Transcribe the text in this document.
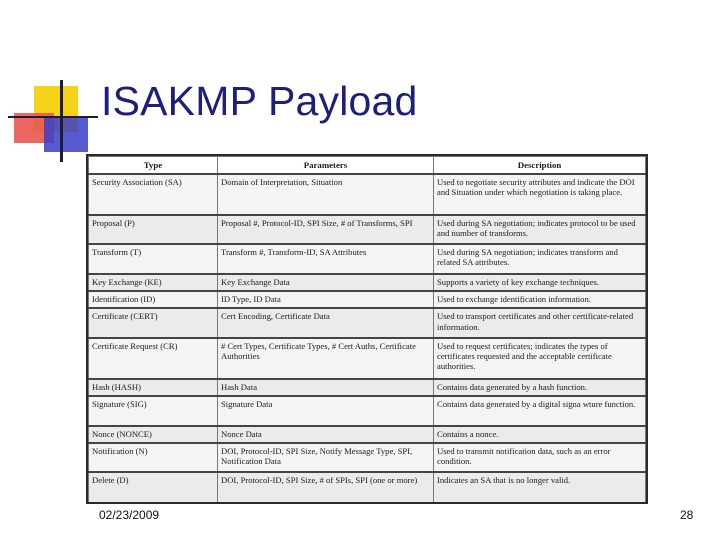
ISAKMP Payload
Type	Parameters	Description
Security Association (SA)	Domain of Interpretation, Situation	Used to negotiate security attributes and indicate the DOI and Situation under which negotiation is taking place.
Proposal (P)	Proposal #, Protocol-ID, SPI Size, # of Transforms, SPI	Used during SA negotiation; indicates protocol to be used and number of transforms.
Transform (T)	Transform #, Transform-ID, SA Attributes	Used during SA negotiation; indicates transform and related SA attributes.
Key Exchange (KE)	Key Exchange Data	Supports a variety of key exchange techniques.
Identification (ID)	ID Type, ID Data	Used to exchange identification information.
Certificate (CERT)	Cert Encoding, Certificate Data	Used to transport certificates and other certificate-related information.
Certificate Request (CR)	# Cert Types, Certificate Types, # Cert Auths, Certificate Authorities	Used to request certificates; indicates the types of certificates requested and the acceptable certificate authorities.
Hash (HASH)	Hash Data	Contains data generated by a hash function.
Signature (SIG)	Signature Data	Contains data generated by a digital signa wture function.
Nonce (NONCE)	Nonce Data	Contains a nonce.
Notification (N)	DOI, Protocol-ID, SPI Size, Notify Message Type, SPI, Notification Data	Used to transmit notification data, such as an error condition.
Delete (D)	DOI, Protocol-ID, SPI Size, # of SPIs, SPI (one or more)	Indicates an SA that is no longer valid.
02/23/2009	28
